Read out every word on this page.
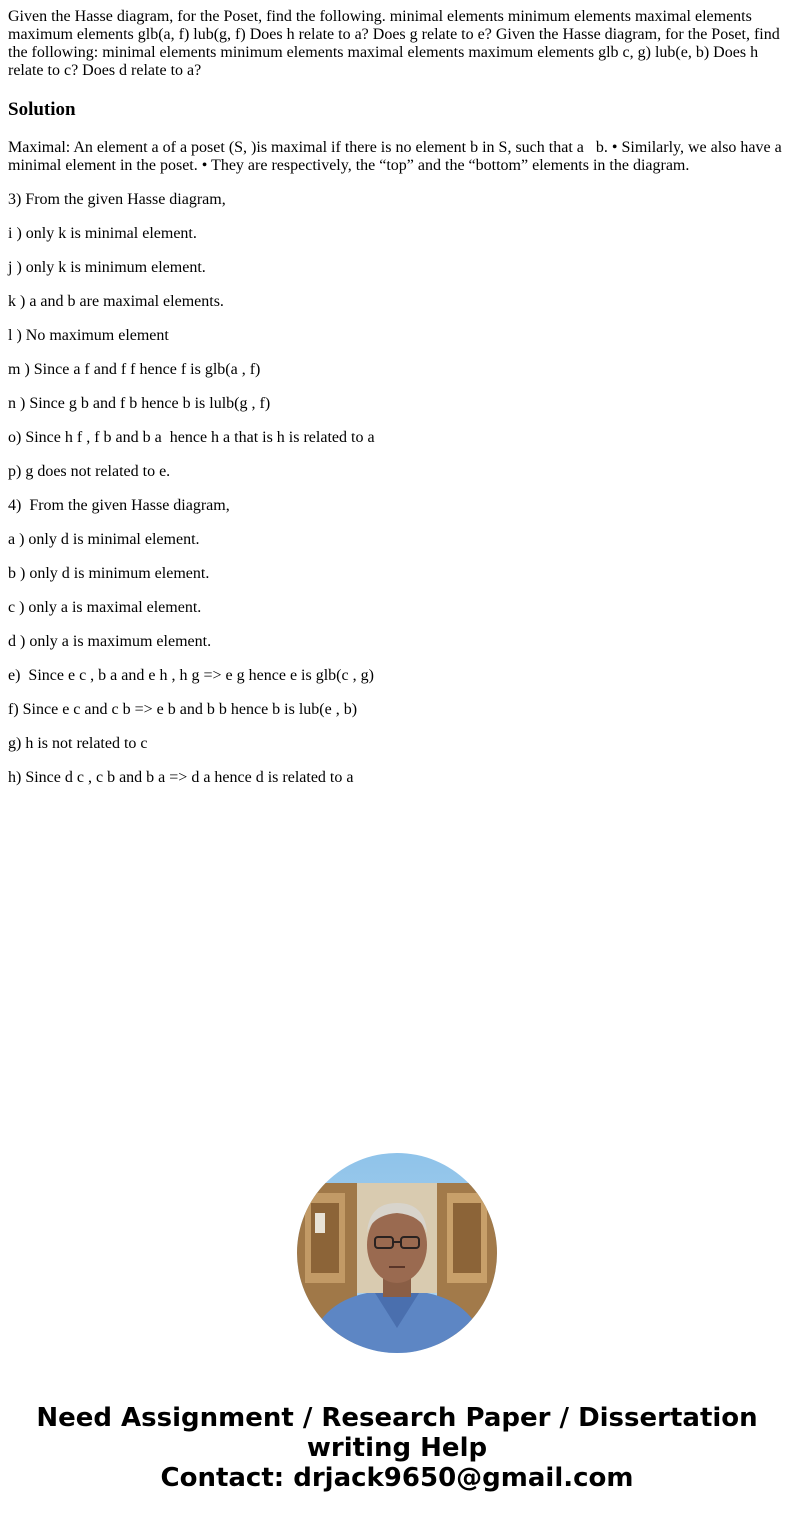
Given the Hasse diagram, for the Poset, find the following. minimal elements minimum elements maximal elements maximum elements glb(a, f) lub(g, f) Does h relate to a? Does g relate to e? Given the Hasse diagram, for the Poset, find the following: minimal elements minimum elements maximal elements maximum elements glb c, g) lub(e, b) Does h relate to c? Does d relate to a?

Solution

Maximal: An element a of a poset (S, )is maximal if there is no element b in S, such that a   b. • Similarly, we also have a minimal element in the poset. • They are respectively, the “top” and the “bottom” elements in the diagram.

3) From the given Hasse diagram,

i ) only k is minimal element.

j ) only k is minimum element.

k ) a and b are maximal elements.

l ) No maximum element

m ) Since a f and f f hence f is glb(a , f)

n ) Since g b and f b hence b is lulb(g , f)

o) Since h f , f b and b a  hence h a that is h is related to a

p) g does not related to e.

4)  From the given Hasse diagram,

a ) only d is minimal element.

b ) only d is minimum element.

c ) only a is maximal element.

d ) only a is maximum element.

e)  Since e c , b a and e h , h g => e g hence e is glb(c , g)

f) Since e c and c b => e b and b b hence b is lub(e , b)

g) h is not related to c

h) Since d c , c b and b a => d a hence d is related to a

Need Assignment / Research Paper / Dissertation
writing Help
Contact: drjack9650@gmail.com
